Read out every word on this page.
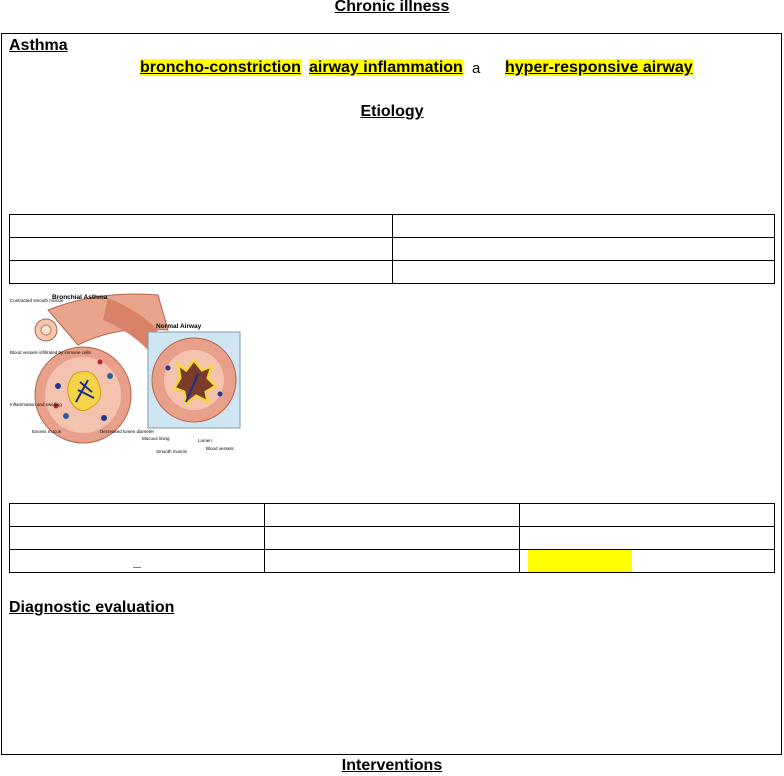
Chronic illness
Asthma
broncho-constriction airway inflammation a hyper-responsive airway
Etiology

Bronchial Asthma
Normal Airway
Contracted smooth muscle
Blood vessels infiltrated by immune cells
Inflammation and swelling
Excess mucus	Decreased lumen diameter
Mucous lining
Smooth muscle
Lumen
Blood vessels

_		
Diagnostic evaluation
Interventions
